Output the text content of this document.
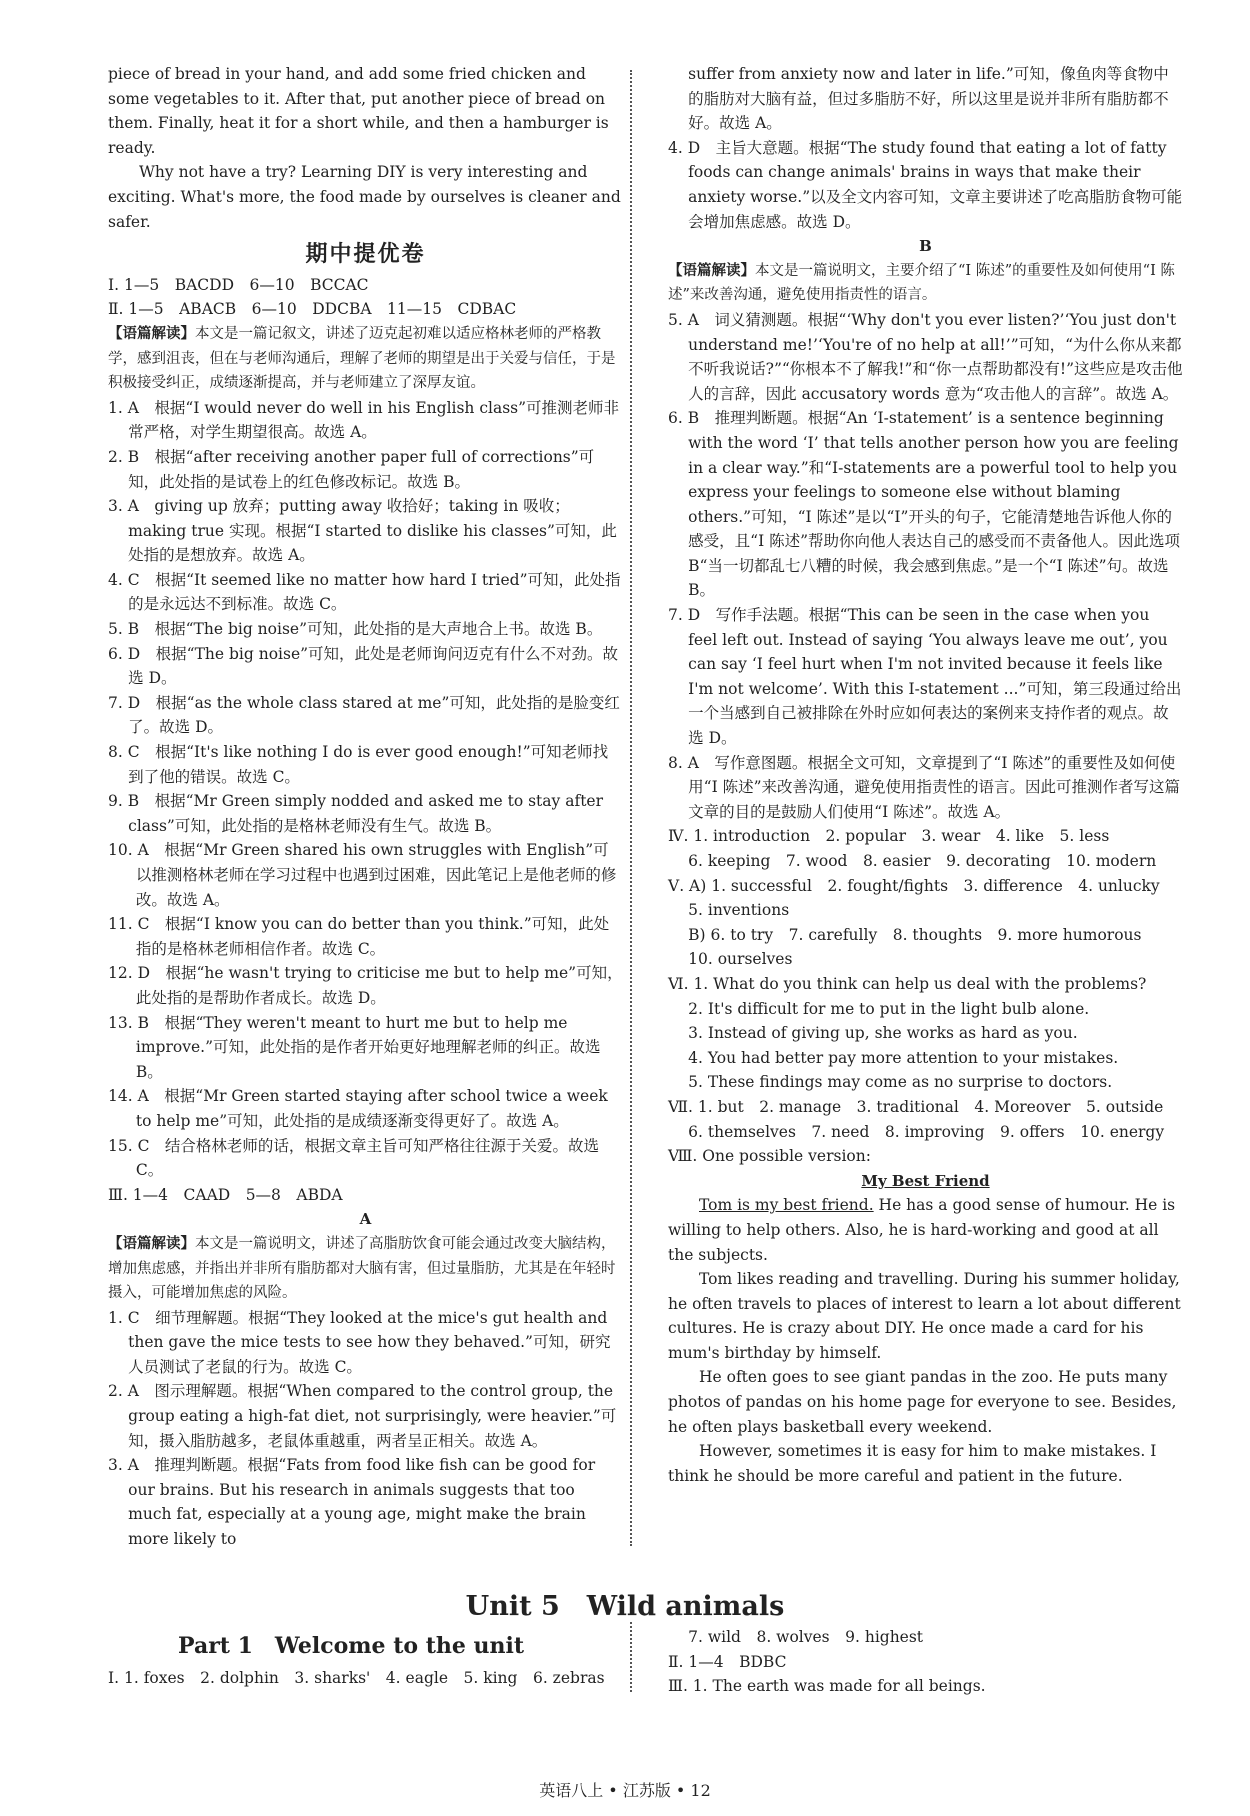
piece of bread in your hand, and add some fried chicken and some vegetables to it. After that, put another piece of bread on them. Finally, heat it for a short while, and then a hamburger is ready.

Why not have a try? Learning DIY is very interesting and exciting. What's more, the food made by ourselves is cleaner and safer.

期中提优卷

Ⅰ. 1—5　BACDD　6—10　BCCAC

Ⅱ. 1—5　ABACB　6—10　DDCBA　11—15　CDBAC

【语篇解读】本文是一篇记叙文，讲述了迈克起初难以适应格林老师的严格教学，感到沮丧，但在与老师沟通后，理解了老师的期望是出于关爱与信任，于是积极接受纠正，成绩逐渐提高，并与老师建立了深厚友谊。

1. A　根据“I would never do well in his English class”可推测老师非常严格，对学生期望很高。故选 A。

2. B　根据“after receiving another paper full of corrections”可知，此处指的是试卷上的红色修改标记。故选 B。

3. A　giving up 放弃；putting away 收拾好；taking in 吸收；making true 实现。根据“I started to dislike his classes”可知，此处指的是想放弃。故选 A。

4. C　根据“It seemed like no matter how hard I tried”可知，此处指的是永远达不到标准。故选 C。

5. B　根据“The big noise”可知，此处指的是大声地合上书。故选 B。

6. D　根据“The big noise”可知，此处是老师询问迈克有什么不对劲。故选 D。

7. D　根据“as the whole class stared at me”可知，此处指的是脸变红了。故选 D。

8. C　根据“It's like nothing I do is ever good enough!”可知老师找到了他的错误。故选 C。

9. B　根据“Mr Green simply nodded and asked me to stay after class”可知，此处指的是格林老师没有生气。故选 B。

10. A　根据“Mr Green shared his own struggles with English”可以推测格林老师在学习过程中也遇到过困难，因此笔记上是他老师的修改。故选 A。

11. C　根据“I know you can do better than you think.”可知，此处指的是格林老师相信作者。故选 C。

12. D　根据“he wasn't trying to criticise me but to help me”可知，此处指的是帮助作者成长。故选 D。

13. B　根据“They weren't meant to hurt me but to help me improve.”可知，此处指的是作者开始更好地理解老师的纠正。故选 B。

14. A　根据“Mr Green started staying after school twice a week to help me”可知，此处指的是成绩逐渐变得更好了。故选 A。

15. C　结合格林老师的话，根据文章主旨可知严格往往源于关爱。故选 C。

Ⅲ. 1—4　CAAD　5—8　ABDA

A

【语篇解读】本文是一篇说明文，讲述了高脂肪饮食可能会通过改变大脑结构，增加焦虑感，并指出并非所有脂肪都对大脑有害，但过量脂肪，尤其是在年轻时摄入，可能增加焦虑的风险。

1. C　细节理解题。根据“They looked at the mice's gut health and then gave the mice tests to see how they behaved.”可知，研究人员测试了老鼠的行为。故选 C。

2. A　图示理解题。根据“When compared to the control group, the group eating a high-fat diet, not surprisingly, were heavier.”可知，摄入脂肪越多，老鼠体重越重，两者呈正相关。故选 A。

3. A　推理判断题。根据“Fats from food like fish can be good for our brains. But his research in animals suggests that too much fat, especially at a young age, might make the brain more likely to

suffer from anxiety now and later in life.”可知，像鱼肉等食物中的脂肪对大脑有益，但过多脂肪不好，所以这里是说并非所有脂肪都不好。故选 A。

4. D　主旨大意题。根据“The study found that eating a lot of fatty foods can change animals' brains in ways that make their anxiety worse.”以及全文内容可知，文章主要讲述了吃高脂肪食物可能会增加焦虑感。故选 D。

B

【语篇解读】本文是一篇说明文，主要介绍了“I 陈述”的重要性及如何使用“I 陈述”来改善沟通，避免使用指责性的语言。

5. A　词义猜测题。根据“‘Why don't you ever listen?’‘You just don't understand me!’‘You're of no help at all!’”可知，“为什么你从来都不听我说话?”“你根本不了解我!”和“你一点帮助都没有!”这些应是攻击他人的言辞，因此 accusatory words 意为“攻击他人的言辞”。故选 A。

6. B　推理判断题。根据“An ‘I-statement’ is a sentence beginning with the word ‘I’ that tells another person how you are feeling in a clear way.”和“I-statements are a powerful tool to help you express your feelings to someone else without blaming others.”可知，“I 陈述”是以“I”开头的句子，它能清楚地告诉他人你的感受，且“I 陈述”帮助你向他人表达自己的感受而不责备他人。因此选项 B“当一切都乱七八糟的时候，我会感到焦虑。”是一个“I 陈述”句。故选 B。

7. D　写作手法题。根据“This can be seen in the case when you feel left out. Instead of saying ‘You always leave me out’, you can say ‘I feel hurt when I'm not invited because it feels like I'm not welcome’. With this I-statement ...”可知，第三段通过给出一个当感到自己被排除在外时应如何表达的案例来支持作者的观点。故选 D。

8. A　写作意图题。根据全文可知，文章提到了“I 陈述”的重要性及如何使用“I 陈述”来改善沟通，避免使用指责性的语言。因此可推测作者写这篇文章的目的是鼓励人们使用“I 陈述”。故选 A。

Ⅳ. 1. introduction　2. popular　3. wear　4. like　5. less

6. keeping　7. wood　8. easier　9. decorating　10. modern

Ⅴ. A) 1. successful　2. fought/fights　3. difference　4. unlucky

5. inventions

B) 6. to try　7. carefully　8. thoughts　9. more humorous

10. ourselves

Ⅵ. 1. What do you think can help us deal with the problems?

2. It's difficult for me to put in the light bulb alone.

3. Instead of giving up, she works as hard as you.

4. You had better pay more attention to your mistakes.

5. These findings may come as no surprise to doctors.

Ⅶ. 1. but　2. manage　3. traditional　4. Moreover　5. outside

6. themselves　7. need　8. improving　9. offers　10. energy

Ⅷ. One possible version:

My Best Friend

Tom is my best friend. He has a good sense of humour. He is willing to help others. Also, he is hard-working and good at all the subjects.

Tom likes reading and travelling. During his summer holiday, he often travels to places of interest to learn a lot about different cultures. He is crazy about DIY. He once made a card for his mum's birthday by himself.

He often goes to see giant pandas in the zoo. He puts many photos of pandas on his home page for everyone to see. Besides, he often plays basketball every weekend.

However, sometimes it is easy for him to make mistakes. I think he should be more careful and patient in the future.

Unit 5　Wild animals
Part 1　Welcome to the unit

Ⅰ. 1. foxes　2. dolphin　3. sharks'　4. eagle　5. king　6. zebras

7. wild　8. wolves　9. highest

Ⅱ. 1—4　BDBC

Ⅲ. 1. The earth was made for all beings.

英语八上 • 江苏版 • 12
